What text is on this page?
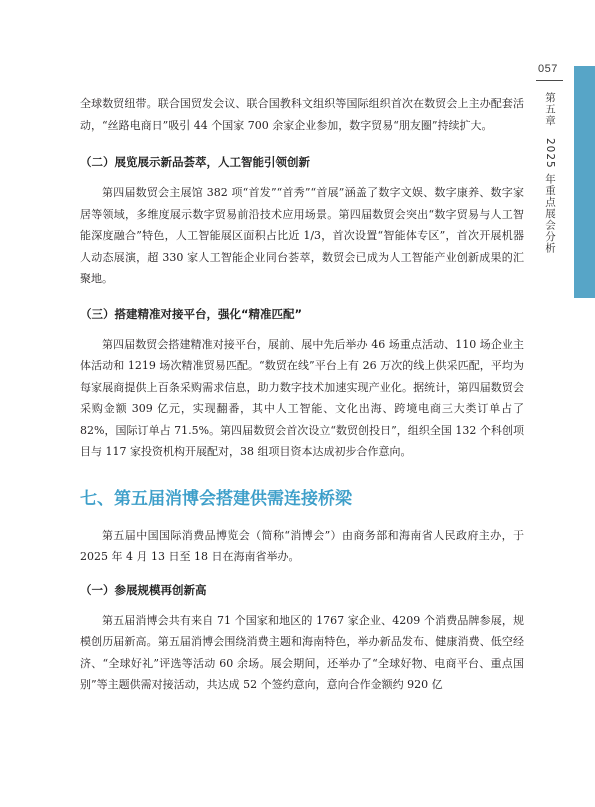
057
第五章　2025 年重点展会分析

全球数贸纽带。联合国贸发会议、联合国教科文组织等国际组织首次在数贸会上主办配套活动，“丝路电商日”吸引 44 个国家 700 余家企业参加，数字贸易“朋友圈”持续扩大。

（二）展览展示新品荟萃，人工智能引领创新

第四届数贸会主展馆 382 项“首发”“首秀”“首展”涵盖了数字文娱、数字康养、数字家居等领域，多维度展示数字贸易前沿技术应用场景。第四届数贸会突出“数字贸易与人工智能深度融合”特色，人工智能展区面积占比近 1/3，首次设置“智能体专区”，首次开展机器人动态展演，超 330 家人工智能企业同台荟萃，数贸会已成为人工智能产业创新成果的汇聚地。

（三）搭建精准对接平台，强化“精准匹配”

第四届数贸会搭建精准对接平台，展前、展中先后举办 46 场重点活动、110 场企业主体活动和 1219 场次精准贸易匹配。“数贸在线”平台上有 26 万次的线上供采匹配，平均为每家展商提供上百条采购需求信息，助力数字技术加速实现产业化。据统计，第四届数贸会采购金额 309 亿元，实现翻番，其中人工智能、文化出海、跨境电商三大类订单占了 82%，国际订单占 71.5%。第四届数贸会首次设立“数贸创投日”，组织全国 132 个科创项目与 117 家投资机构开展配对，38 组项目资本达成初步合作意向。

七、第五届消博会搭建供需连接桥梁

第五届中国国际消费品博览会（简称“消博会”）由商务部和海南省人民政府主办，于 2025 年 4 月 13 日至 18 日在海南省举办。

（一）参展规模再创新高

第五届消博会共有来自 71 个国家和地区的 1767 家企业、4209 个消费品牌参展，规模创历届新高。第五届消博会围绕消费主题和海南特色，举办新品发布、健康消费、低空经济、“全球好礼”评选等活动 60 余场。展会期间，还举办了“全球好物、电商平台、重点国别”等主题供需对接活动，共达成 52 个签约意向，意向合作金额约 920 亿
